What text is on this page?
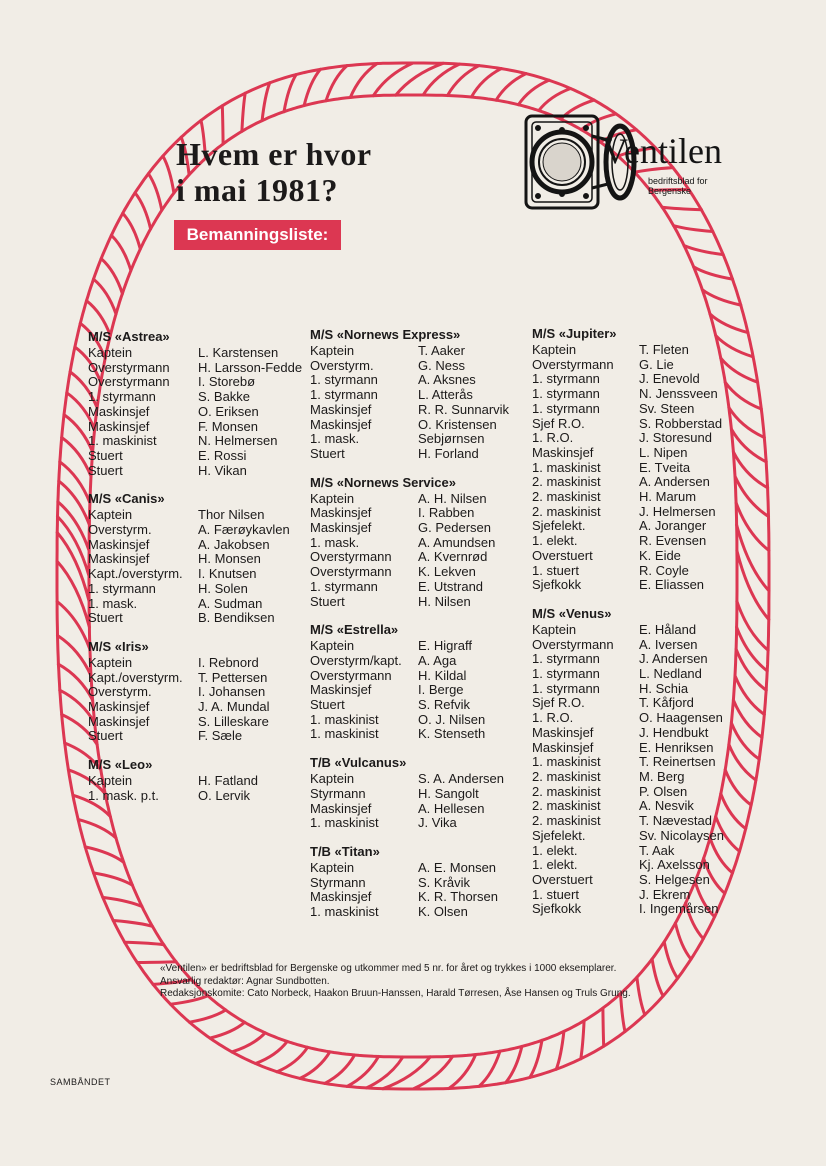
Hvem er hvor
i mai 1981?
Bemanningsliste:
Ventilen
bedriftsblad for Bergenske
M/S «Astrea»
Kaptein	L. Karstensen
Overstyrmann	H. Larsson-Fedde
Overstyrmann	I. Storebø
1. styrmann	S. Bakke
Maskinsjef	O. Eriksen
Maskinsjef	F. Monsen
1. maskinist	N. Helmersen
Stuert	E. Rossi
Stuert	H. Vikan
M/S «Canis»
Kaptein	Thor Nilsen
Overstyrm.	A. Færøykavlen
Maskinsjef	A. Jakobsen
Maskinsjef	H. Monsen
Kapt./overstyrm.	I. Knutsen
1. styrmann	H. Solen
1. mask.	A. Sudman
Stuert	B. Bendiksen
M/S «Iris»
Kaptein	I. Rebnord
Kapt./overstyrm.	T. Pettersen
Overstyrm.	I. Johansen
Maskinsjef	J. A. Mundal
Maskinsjef	S. Lilleskare
Stuert	F. Sæle
M/S «Leo»
Kaptein	H. Fatland
1. mask. p.t.	O. Lervik
M/S «Nornews Express»
Kaptein	T. Aaker
Overstyrm.	G. Ness
1. styrmann	A. Aksnes
1. styrmann	L. Atterås
Maskinsjef	R. R. Sunnarvik
Maskinsjef	O. Kristensen
1. mask.	Sebjørnsen
Stuert	H. Forland
M/S «Nornews Service»
Kaptein	A. H. Nilsen
Maskinsjef	I. Rabben
Maskinsjef	G. Pedersen
1. mask.	A. Amundsen
Overstyrmann	A. Kvernrød
Overstyrmann	K. Lekven
1. styrmann	E. Utstrand
Stuert	H. Nilsen
M/S «Estrella»
Kaptein	E. Higraff
Overstyrm/kapt.	A. Aga
Overstyrmann	H. Kildal
Maskinsjef	I. Berge
Stuert	S. Refvik
1. maskinist	O. J. Nilsen
1. maskinist	K. Stenseth
T/B «Vulcanus»
Kaptein	S. A. Andersen
Styrmann	H. Sangolt
Maskinsjef	A. Hellesen
1. maskinist	J. Vika
T/B «Titan»
Kaptein	A. E. Monsen
Styrmann	S. Kråvik
Maskinsjef	K. R. Thorsen
1. maskinist	K. Olsen
M/S «Jupiter»
Kaptein	T. Fleten
Overstyrmann	G. Lie
1. styrmann	J. Enevold
1. styrmann	N. Jenssveen
1. styrmann	Sv. Steen
Sjef R.O.	S. Robberstad
1. R.O.	J. Storesund
Maskinsjef	L. Nipen
1. maskinist	E. Tveita
2. maskinist	A. Andersen
2. maskinist	H. Marum
2. maskinist	J. Helmersen
Sjefelekt.	A. Joranger
1. elekt.	R. Evensen
Overstuert	K. Eide
1. stuert	R. Coyle
Sjefkokk	E. Eliassen
M/S «Venus»
Kaptein	E. Håland
Overstyrmann	A. Iversen
1. styrmann	J. Andersen
1. styrmann	L. Nedland
1. styrmann	H. Schia
Sjef R.O.	T. Kåfjord
1. R.O.	O. Haagensen
Maskinsjef	J. Hendbukt
Maskinsjef	E. Henriksen
1. maskinist	T. Reinertsen
2. maskinist	M. Berg
2. maskinist	P. Olsen
2. maskinist	A. Nesvik
2. maskinist	T. Nævestad
Sjefelekt.	Sv. Nicolaysen
1. elekt.	T. Aak
1. elekt.	Kj. Axelsson
Overstuert	S. Helgesen
1. stuert	J. Ekrem
Sjefkokk	I. Ingemårsen
«Ventilen» er bedriftsblad for Bergenske og utkommer med 5 nr. for året og trykkes i 1000 eksemplarer.
Ansvarlig redaktør: Agnar Sundbotten.
Redaksjonskomite: Cato Norbeck, Haakon Bruun-Hanssen, Harald Tørresen, Åse Hansen og Truls Grung.
SAMBÅNDET
